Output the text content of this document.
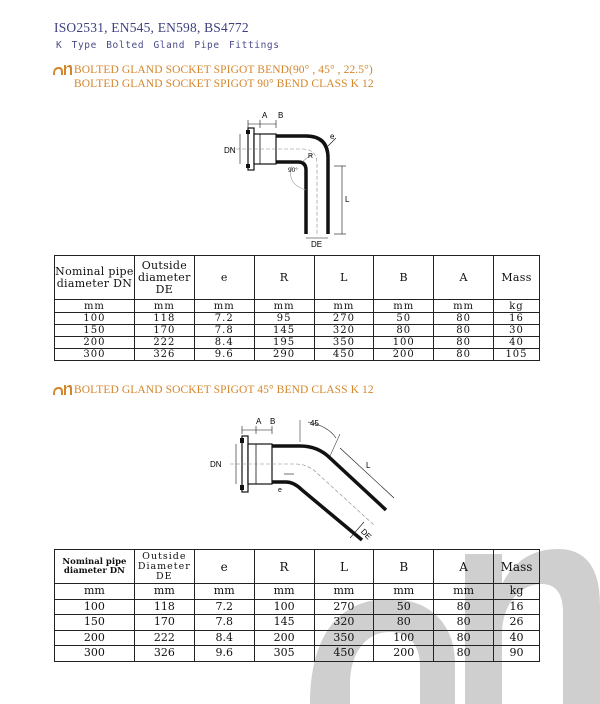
ISO2531, EN545, EN598, BS4772
K Type Bolted Gland Pipe Fittings
BOLTED GLAND SOCKET SPIGOT BEND(90° , 45° , 22.5°)
BOLTED GLAND SOCKET SPIGOT 90° BEND CLASS K 12
A B
DN
e
R
90°
L
DE
Nominal pipe diameter DN	Outside diameter DE	e	R	L	B	A	Mass
mm	mm	mm	mm	mm	mm	mm	kg
100	118	7.2	95	270	50	80	16
150	170	7.8	145	320	80	80	30
200	222	8.4	195	350	100	80	40
300	326	9.6	290	450	200	80	105
BOLTED GLAND SOCKET SPIGOT 45° BEND CLASS K 12
A B
DN
e
45
L
DE
Nominal pipe diameter DN	Outside Diameter DE	e	R	L	B	A	Mass
mm	mm	mm	mm	mm	mm	mm	kg
100	118	7.2	100	270	50	80	16
150	170	7.8	145	320	80	80	26
200	222	8.4	200	350	100	80	40
300	326	9.6	305	450	200	80	90
